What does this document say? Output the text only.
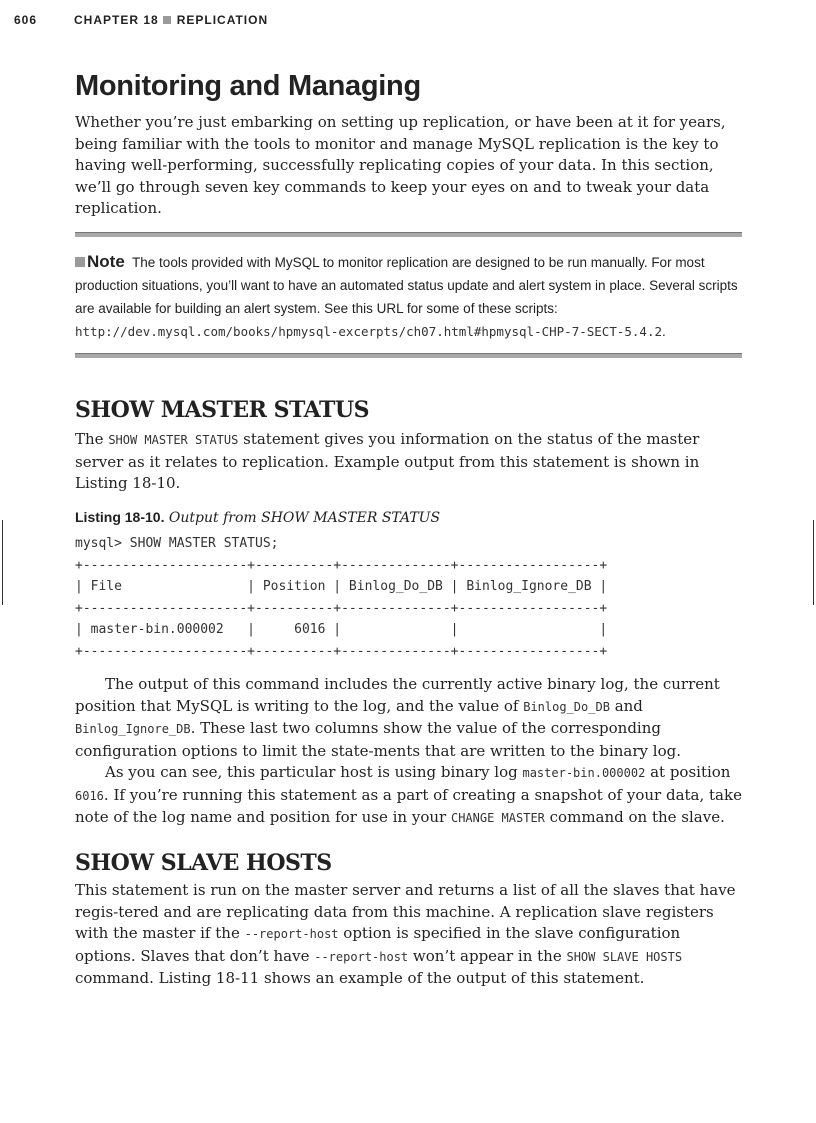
606	CHAPTER 18 REPLICATION
Monitoring and Managing

Whether you’re just embarking on setting up replication, or have been at it for years, being familiar with the tools to monitor and manage MySQL replication is the key to having well-performing, successfully replicating copies of your data. In this section, we’ll go through seven key commands to keep your eyes on and to tweak your data replication.

Note The tools provided with MySQL to monitor replication are designed to be run manually. For most production situations, you’ll want to have an automated status update and alert system in place. Several scripts are available for building an alert system. See this URL for some of these scripts: http://dev.mysql.com/books/hpmysql-excerpts/ch07.html#hpmysql-CHP-7-SECT-5.4.2.
SHOW MASTER STATUS

The SHOW MASTER STATUS statement gives you information on the status of the master server as it relates to replication. Example output from this statement is shown in Listing 18-10.

Listing 18-10. Output from SHOW MASTER STATUS
mysql> SHOW MASTER STATUS;
+---------------------+----------+--------------+------------------+
| File                | Position | Binlog_Do_DB | Binlog_Ignore_DB |
+---------------------+----------+--------------+------------------+
| master-bin.000002   |     6016 |              |                  |
+---------------------+----------+--------------+------------------+

The output of this command includes the currently active binary log, the current position that MySQL is writing to the log, and the value of Binlog_Do_DB and Binlog_Ignore_DB. These last two columns show the value of the corresponding configuration options to limit the state-ments that are written to the binary log.

As you can see, this particular host is using binary log master-bin.000002 at position 6016. If you’re running this statement as a part of creating a snapshot of your data, take note of the log name and position for use in your CHANGE MASTER command on the slave.

SHOW SLAVE HOSTS

This statement is run on the master server and returns a list of all the slaves that have regis-tered and are replicating data from this machine. A replication slave registers with the master if the --report-host option is specified in the slave configuration options. Slaves that don’t have --report-host won’t appear in the SHOW SLAVE HOSTS command. Listing 18-11 shows an example of the output of this statement.
